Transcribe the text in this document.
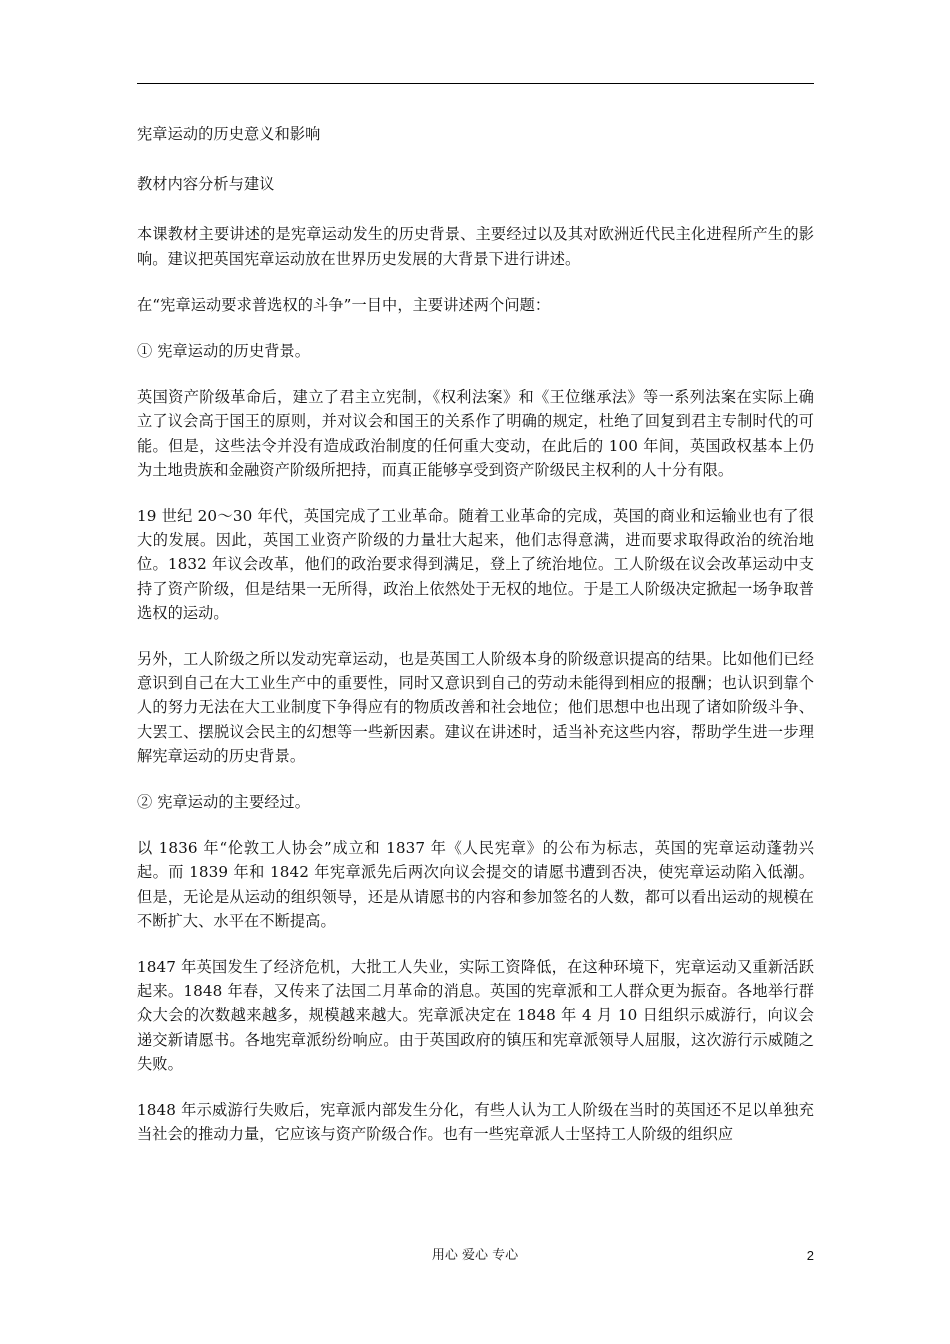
宪章运动的历史意义和影响

教材内容分析与建议

本课教材主要讲述的是宪章运动发生的历史背景、主要经过以及其对欧洲近代民主化进程所产生的影响。建议把英国宪章运动放在世界历史发展的大背景下进行讲述。

在“宪章运动要求普选权的斗争”一目中，主要讲述两个问题：

① 宪章运动的历史背景。

英国资产阶级革命后，建立了君主立宪制，《权利法案》和《王位继承法》等一系列法案在实际上确立了议会高于国王的原则，并对议会和国王的关系作了明确的规定，杜绝了回复到君主专制时代的可能。但是，这些法令并没有造成政治制度的任何重大变动，在此后的 100 年间，英国政权基本上仍为土地贵族和金融资产阶级所把持，而真正能够享受到资产阶级民主权利的人十分有限。

19 世纪 20～30 年代，英国完成了工业革命。随着工业革命的完成，英国的商业和运输业也有了很大的发展。因此，英国工业资产阶级的力量壮大起来，他们志得意满，进而要求取得政治的统治地位。1832 年议会改革，他们的政治要求得到满足，登上了统治地位。工人阶级在议会改革运动中支持了资产阶级，但是结果一无所得，政治上依然处于无权的地位。于是工人阶级决定掀起一场争取普选权的运动。

另外，工人阶级之所以发动宪章运动，也是英国工人阶级本身的阶级意识提高的结果。比如他们已经意识到自己在大工业生产中的重要性，同时又意识到自己的劳动未能得到相应的报酬；也认识到靠个人的努力无法在大工业制度下争得应有的物质改善和社会地位；他们思想中也出现了诸如阶级斗争、大罢工、摆脱议会民主的幻想等一些新因素。建议在讲述时，适当补充这些内容，帮助学生进一步理解宪章运动的历史背景。

② 宪章运动的主要经过。

以 1836 年“伦敦工人协会”成立和 1837 年《人民宪章》的公布为标志，英国的宪章运动蓬勃兴起。而 1839 年和 1842 年宪章派先后两次向议会提交的请愿书遭到否决，使宪章运动陷入低潮。但是，无论是从运动的组织领导，还是从请愿书的内容和参加签名的人数，都可以看出运动的规模在不断扩大、水平在不断提高。

1847 年英国发生了经济危机，大批工人失业，实际工资降低，在这种环境下，宪章运动又重新活跃起来。1848 年春，又传来了法国二月革命的消息。英国的宪章派和工人群众更为振奋。各地举行群众大会的次数越来越多，规模越来越大。宪章派决定在 1848 年 4 月 10 日组织示威游行，向议会递交新请愿书。各地宪章派纷纷响应。由于英国政府的镇压和宪章派领导人屈服，这次游行示威随之失败。

1848 年示威游行失败后，宪章派内部发生分化，有些人认为工人阶级在当时的英国还不足以单独充当社会的推动力量，它应该与资产阶级合作。也有一些宪章派人士坚持工人阶级的组织应

用心 爱心 专心	2
